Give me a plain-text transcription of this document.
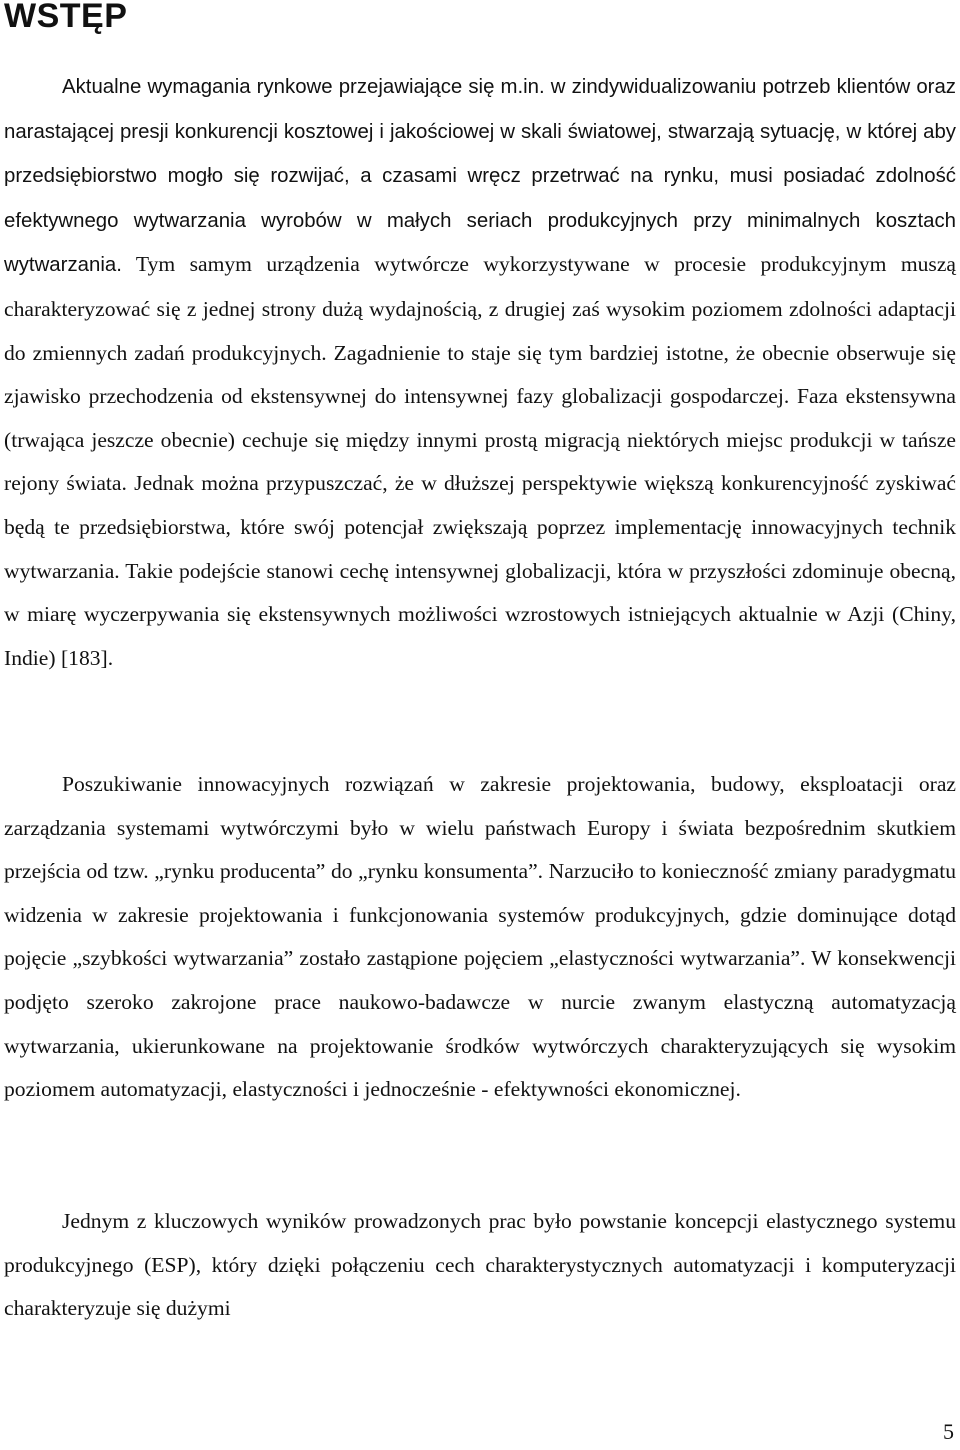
WSTĘP

Aktualne wymagania rynkowe przejawiające się m.in. w zindywidualizowaniu potrzeb klientów oraz narastającej presji konkurencji kosztowej i jakościowej w skali światowej, stwarzają sytuację, w której aby przedsiębiorstwo mogło się rozwijać, a czasami wręcz przetrwać na rynku, musi posiadać zdolność efektywnego wytwarzania wyrobów w małych seriach produkcyjnych przy minimalnych kosztach wytwarzania. Tym samym urządzenia wytwórcze wykorzystywane w procesie produkcyjnym muszą charakteryzować się z jednej strony dużą wydajnością, z drugiej zaś wysokim poziomem zdolności adaptacji do zmiennych zadań produkcyjnych. Zagadnienie to staje się tym bardziej istotne, że obecnie obserwuje się zjawisko przechodzenia od ekstensywnej do intensywnej fazy globalizacji gospodarczej. Faza ekstensywna (trwająca jeszcze obecnie) cechuje się między innymi prostą migracją niektórych miejsc produkcji w tańsze rejony świata. Jednak można przypuszczać, że w dłuższej perspektywie większą konkurencyjność zyskiwać będą te przedsiębiorstwa, które swój potencjał zwiększają poprzez implementację innowacyjnych technik wytwarzania. Takie podejście stanowi cechę intensywnej globalizacji, która w przyszłości zdominuje obecną, w miarę wyczerpywania się ekstensywnych możliwości wzrostowych istniejących aktualnie w Azji (Chiny, Indie) [183].

Poszukiwanie innowacyjnych rozwiązań w zakresie projektowania, budowy, eksploatacji oraz zarządzania systemami wytwórczymi było w wielu państwach Europy i świata bezpośrednim skutkiem przejścia od tzw. „rynku producenta” do „rynku konsumenta”. Narzuciło to konieczność zmiany paradygmatu widzenia w zakresie projektowania i funkcjonowania systemów produkcyjnych, gdzie dominujące dotąd pojęcie „szybkości wytwarzania” zostało zastąpione pojęciem „elastyczności wytwarzania”. W konsekwencji podjęto szeroko zakrojone prace naukowo-badawcze w nurcie zwanym elastyczną automatyzacją wytwarzania, ukierunkowane na projektowanie środków wytwórczych charakteryzujących się wysokim poziomem automatyzacji, elastyczności i jednocześnie - efektywności ekonomicznej.

Jednym z kluczowych wyników prowadzonych prac było powstanie koncepcji elastycznego systemu produkcyjnego (ESP), który dzięki połączeniu cech charakterystycznych automatyzacji i komputeryzacji charakteryzuje się dużymi

5
